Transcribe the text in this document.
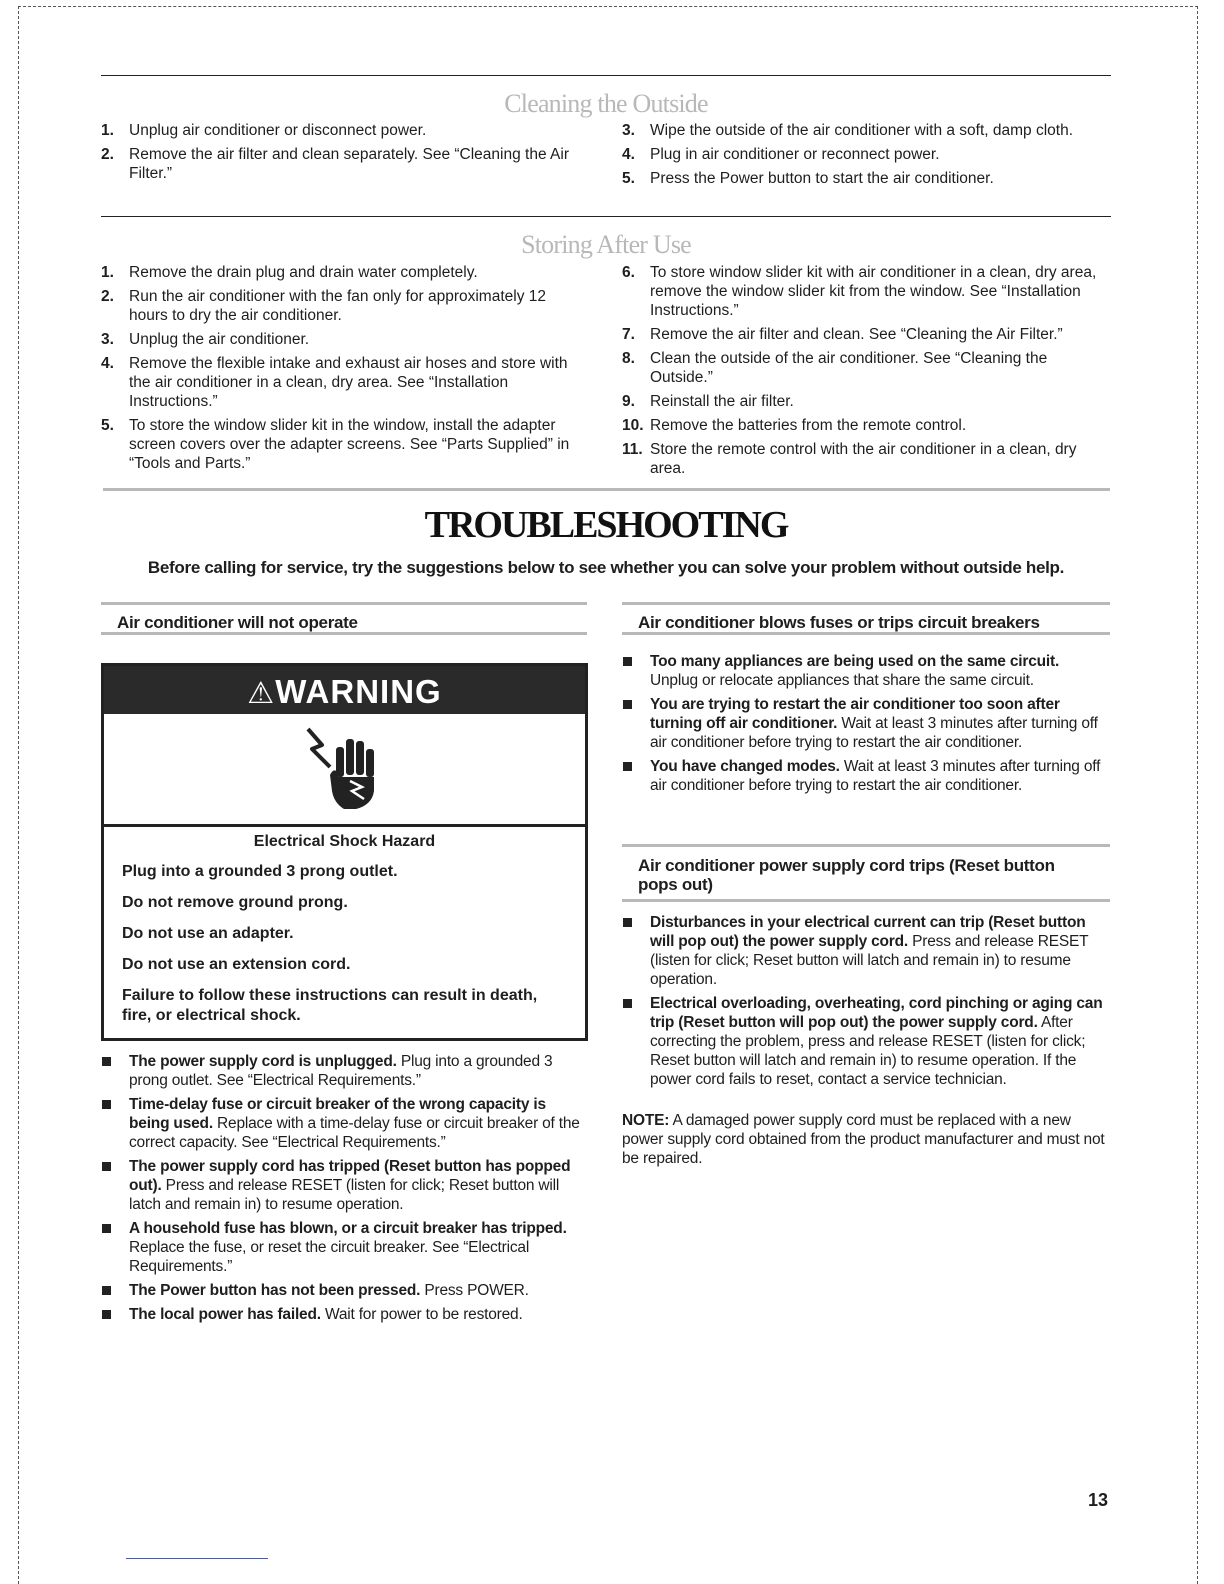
Cleaning the Outside
1. Unplug air conditioner or disconnect power.
2. Remove the air filter and clean separately. See “Cleaning the Air Filter.”
3. Wipe the outside of the air conditioner with a soft, damp cloth.
4. Plug in air conditioner or reconnect power.
5. Press the Power button to start the air conditioner.
Storing After Use
1. Remove the drain plug and drain water completely.
2. Run the air conditioner with the fan only for approximately 12 hours to dry the air conditioner.
3. Unplug the air conditioner.
4. Remove the flexible intake and exhaust air hoses and store with the air conditioner in a clean, dry area. See “Installation Instructions.”
5. To store the window slider kit in the window, install the adapter screen covers over the adapter screens. See “Parts Supplied” in “Tools and Parts.”
6. To store window slider kit with air conditioner in a clean, dry area, remove the window slider kit from the window. See “Installation Instructions.”
7. Remove the air filter and clean. See “Cleaning the Air Filter.”
8. Clean the outside of the air conditioner. See “Cleaning the Outside.”
9. Reinstall the air filter.
10. Remove the batteries from the remote control.
11. Store the remote control with the air conditioner in a clean, dry area.
TROUBLESHOOTING
Before calling for service, try the suggestions below to see whether you can solve your problem without outside help.
Air conditioner will not operate
⚠WARNING
Electrical Shock Hazard

Plug into a grounded 3 prong outlet.

Do not remove ground prong.

Do not use an adapter.

Do not use an extension cord.

Failure to follow these instructions can result in death, fire, or electrical shock.

The power supply cord is unplugged. Plug into a grounded 3 prong outlet. See “Electrical Requirements.”
Time-delay fuse or circuit breaker of the wrong capacity is being used. Replace with a time-delay fuse or circuit breaker of the correct capacity. See “Electrical Requirements.”
The power supply cord has tripped (Reset button has popped out). Press and release RESET (listen for click; Reset button will latch and remain in) to resume operation.
A household fuse has blown, or a circuit breaker has tripped. Replace the fuse, or reset the circuit breaker. See “Electrical Requirements.”
The Power button has not been pressed. Press POWER.
The local power has failed. Wait for power to be restored.
Air conditioner blows fuses or trips circuit breakers
Too many appliances are being used on the same circuit. Unplug or relocate appliances that share the same circuit.
You are trying to restart the air conditioner too soon after turning off air conditioner. Wait at least 3 minutes after turning off air conditioner before trying to restart the air conditioner.
You have changed modes. Wait at least 3 minutes after turning off air conditioner before trying to restart the air conditioner.
Air conditioner power supply cord trips (Reset button pops out)
Disturbances in your electrical current can trip (Reset button will pop out) the power supply cord. Press and release RESET (listen for click; Reset button will latch and remain in) to resume operation.
Electrical overloading, overheating, cord pinching or aging can trip (Reset button will pop out) the power supply cord. After correcting the problem, press and release RESET (listen for click; Reset button will latch and remain in) to resume operation. If the power cord fails to reset, contact a service technician.

NOTE: A damaged power supply cord must be replaced with a new power supply cord obtained from the product manufacturer and must not be repaired.

13
